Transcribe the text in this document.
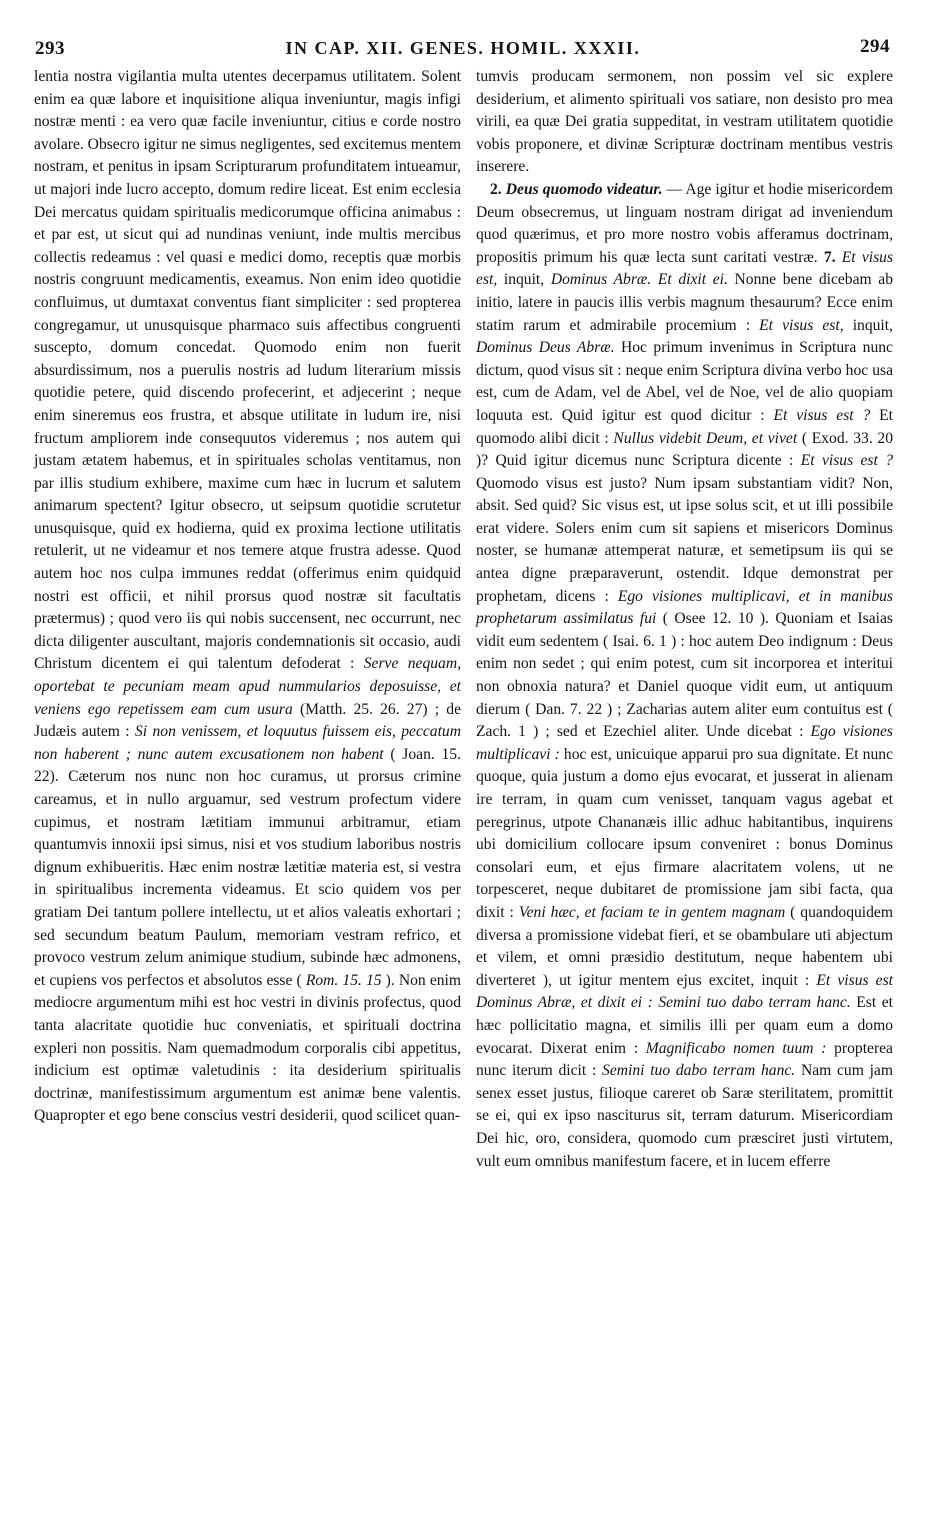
293	IN CAP. XII. GENES. HOMIL. XXXII.	294

lentia nostra vigilantia multa utentes decerpamus utilitatem. Solent enim ea quæ labore et inquisitione aliqua inveniuntur, magis infigi nostræ menti : ea vero quæ facile inveniuntur, citius e corde nostro avolare. Obsecro igitur ne simus negligentes, sed excitemus mentem nostram, et penitus in ipsam Scripturarum profunditatem intueamur, ut majori inde lucro accepto, domum redire liceat. Est enim ecclesia Dei mercatus quidam spiritualis medicorumque officina animabus : et par est, ut sicut qui ad nundinas veniunt, inde multis mercibus collectis redeamus : vel quasi e medici domo, receptis quæ morbis nostris congruunt medicamentis, exeamus. Non enim ideo quotidie confluimus, ut dumtaxat conventus fiant simpliciter : sed propterea congregamur, ut unusquisque pharmaco suis affectibus congruenti suscepto, domum concedat. Quomodo enim non fuerit absurdissimum, nos a puerulis nostris ad ludum literarium missis quotidie petere, quid discendo profecerint, et adjecerint ; neque enim sineremus eos frustra, et absque utilitate in ludum ire, nisi fructum ampliorem inde consequutos videremus ; nos autem qui justam ætatem habemus, et in spirituales scholas ventitamus, non par illis studium exhibere, maxime cum hæc in lucrum et salutem animarum spectent? Igitur obsecro, ut seipsum quotidie scrutetur unusquisque, quid ex hodierna, quid ex proxima lectione utilitatis retulerit, ut ne videamur et nos temere atque frustra adesse. Quod autem hoc nos culpa immunes reddat (offerimus enim quidquid nostri est officii, et nihil prorsus quod nostræ sit facultatis prætermus) ; quod vero iis qui nobis succensent, nec occurrunt, nec dicta diligenter auscultant, majoris condemnationis sit occasio, audi Christum dicentem ei qui talentum defoderat : Serve nequam, oportebat te pecuniam meam apud nummularios deposuisse, et veniens ego repetissem eam cum usura (Matth. 25. 26. 27) ; de Judæis autem : Si non venissem, et loquutus fuissem eis, peccatum non haberent ; nunc autem excusationem non habent ( Joan. 15. 22). Cæterum nos nunc non hoc curamus, ut prorsus crimine careamus, et in nullo arguamur, sed vestrum profectum videre cupimus, et nostram lætitiam immunui arbitramur, etiam quantumvis innoxii ipsi simus, nisi et vos studium laboribus nostris dignum exhibueritis. Hæc enim nostræ lætitiæ materia est, si vestra in spiritualibus incrementa videamus. Et scio quidem vos per gratiam Dei tantum pollere intellectu, ut et alios valeatis exhortari ; sed secundum beatum Paulum, memoriam vestram refrico, et provoco vestrum zelum animique studium, subinde hæc admonens, et cupiens vos perfectos et absolutos esse ( Rom. 15. 15 ). Non enim mediocre argumentum mihi est hoc vestri in divinis profectus, quod tanta alacritate quotidie huc conveniatis, et spirituali doctrina expleri non possitis. Nam quemadmodum corporalis cibi appetitus, indicium est optimæ valetudinis : ita desiderium spiritualis doctrinæ, manifestissimum argumentum est animæ bene valentis. Quapropter et ego bene conscius vestri desiderii, quod scilicet quan-

tumvis producam sermonem, non possim vel sic explere desiderium, et alimento spirituali vos satiare, non desisto pro mea virili, ea quæ Dei gratia suppeditat, in vestram utilitatem quotidie vobis proponere, et divinæ Scripturæ doctrinam mentibus vestris inserere.

2. Deus quomodo videatur. — Age igitur et hodie misericordem Deum obsecremus, ut linguam nostram dirigat ad inveniendum quod quærimus, et pro more nostro vobis afferamus doctrinam, propositis primum his quæ lecta sunt caritati vestræ. 7. Et visus est, inquit, Dominus Abræ. Et dixit ei. Nonne bene dicebam ab initio, latere in paucis illis verbis magnum thesaurum? Ecce enim statim rarum et admirabile procemium : Et visus est, inquit, Dominus Deus Abræ. Hoc primum invenimus in Scriptura nunc dictum, quod visus sit : neque enim Scriptura divina verbo hoc usa est, cum de Adam, vel de Abel, vel de Noe, vel de alio quopiam loquuta est. Quid igitur est quod dicitur : Et visus est ? Et quomodo alibi dicit : Nullus videbit Deum, et vivet ( Exod. 33. 20 )? Quid igitur dicemus nunc Scriptura dicente : Et visus est ? Quomodo visus est justo? Num ipsam substantiam vidit? Non, absit. Sed quid? Sic visus est, ut ipse solus scit, et ut illi possibile erat videre. Solers enim cum sit sapiens et misericors Dominus noster, se humanæ attemperat naturæ, et semetipsum iis qui se antea digne præparaverunt, ostendit. Idque demonstrat per prophetam, dicens : Ego visiones multiplicavi, et in manibus prophetarum assimilatus fui ( Osee 12. 10 ). Quoniam et Isaias vidit eum sedentem ( Isai. 6. 1 ) : hoc autem Deo indignum : Deus enim non sedet ; qui enim potest, cum sit incorporea et interitui non obnoxia natura? et Daniel quoque vidit eum, ut antiquum dierum ( Dan. 7. 22 ) ; Zacharias autem aliter eum contuitus est ( Zach. 1 ) ; sed et Ezechiel aliter. Unde dicebat : Ego visiones multiplicavi : hoc est, unicuique apparui pro sua dignitate. Et nunc quoque, quia justum a domo ejus evocarat, et jusserat in alienam ire terram, in quam cum venisset, tanquam vagus agebat et peregrinus, utpote Chananæis illic adhuc habitantibus, inquirens ubi domicilium collocare ipsum conveniret : bonus Dominus consolari eum, et ejus firmare alacritatem volens, ut ne torpesceret, neque dubitaret de promissione jam sibi facta, qua dixit : Veni hæc, et faciam te in gentem magnam ( quandoquidem diversa a promissione videbat fieri, et se obambulare uti abjectum et vilem, et omni præsidio destitutum, neque habentem ubi diverteret ), ut igitur mentem ejus excitet, inquit : Et visus est Dominus Abræ, et dixit ei : Semini tuo dabo terram hanc. Est et hæc pollicitatio magna, et similis illi per quam eum a domo evocarat. Dixerat enim : Magnificabo nomen tuum : propterea nunc iterum dicit : Semini tuo dabo terram hanc. Nam cum jam senex esset justus, filioque careret ob Saræ sterilitatem, promittit se ei, qui ex ipso nasciturus sit, terram daturum. Misericordiam Dei hic, oro, considera, quomodo cum præsciret justi virtutem, vult eum omnibus manifestum facere, et in lucem efferre
